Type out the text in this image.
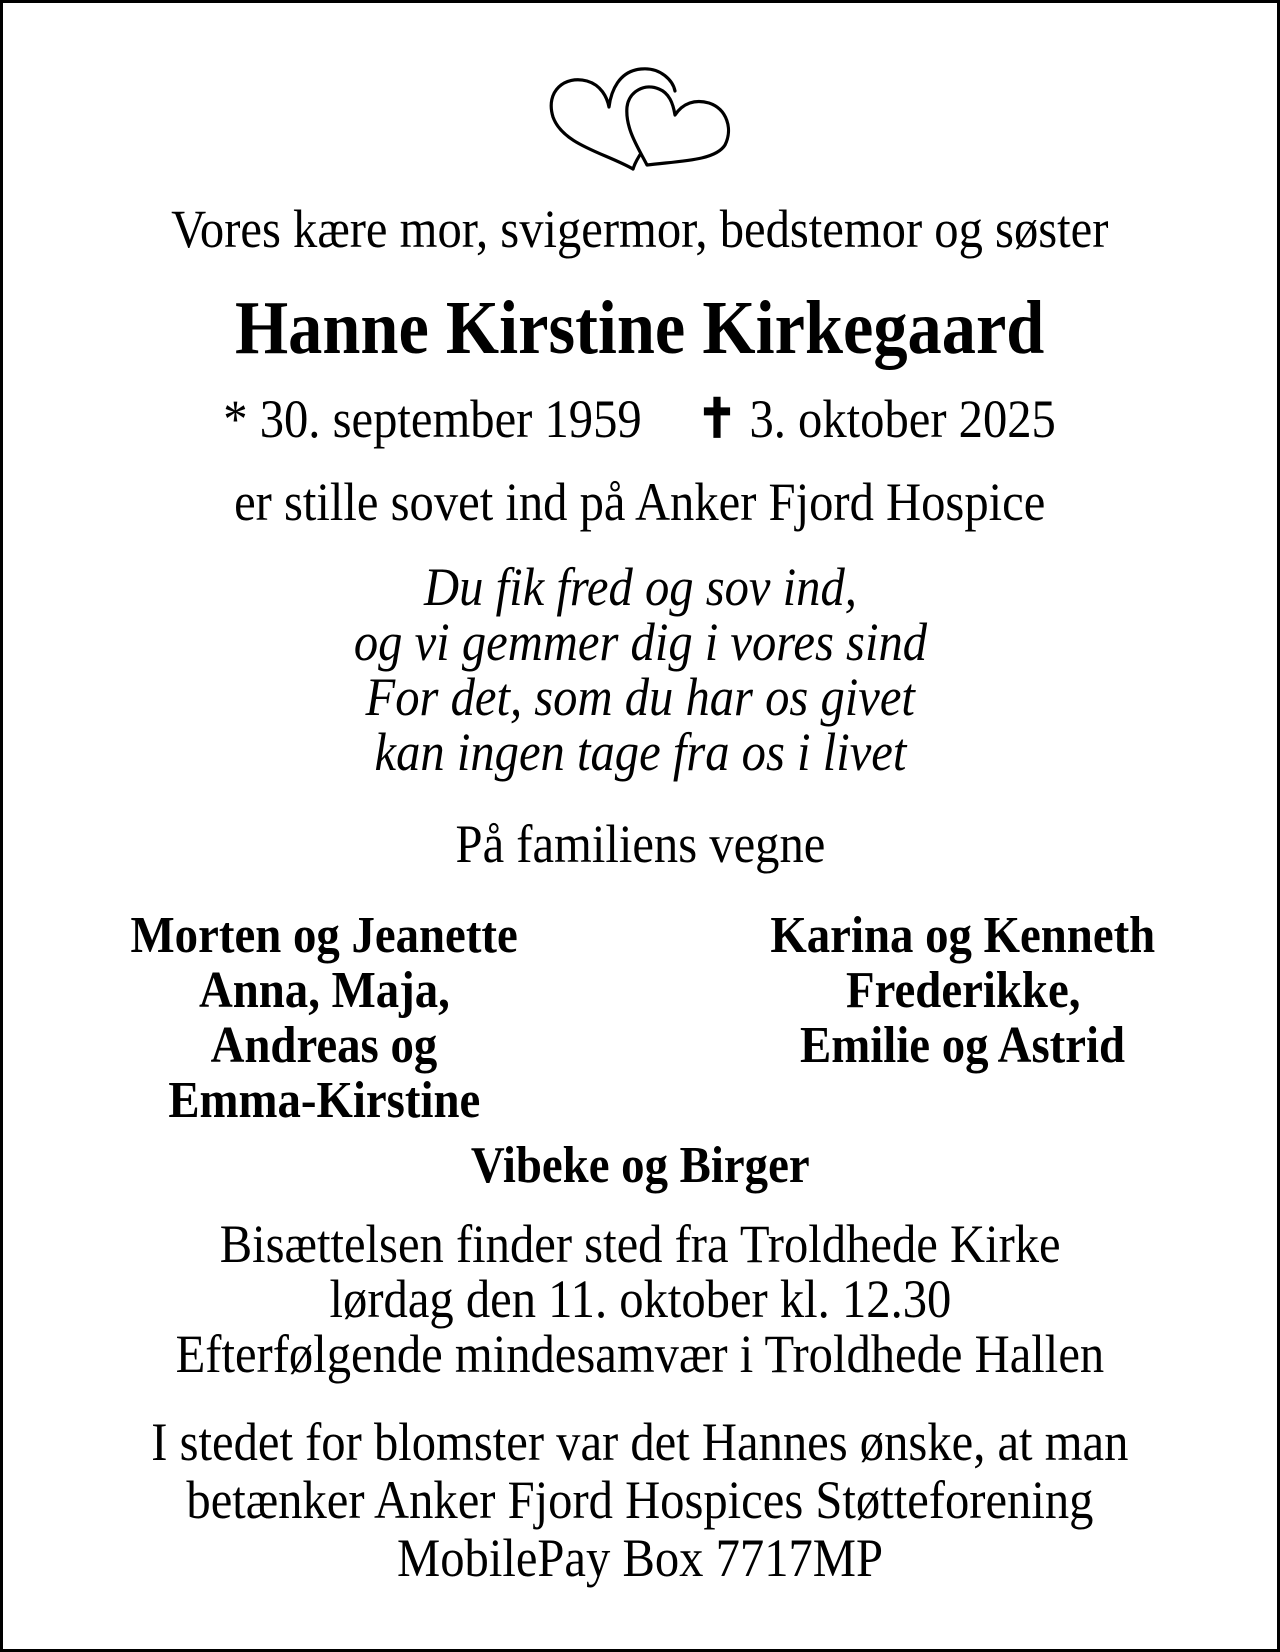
Vores kære mor, svigermor, bedstemor og søster
Hanne Kirstine Kirkegaard
* 30. september 1959 ✝ 3. oktober 2025
er stille sovet ind på Anker Fjord Hospice
Du fik fred og sov ind,
og vi gemmer dig i vores sind
For det, som du har os givet
kan ingen tage fra os i livet
På familiens vegne
Morten og Jeanette
Anna, Maja,
Andreas og
Emma-Kirstine
Karina og Kenneth
Frederikke,
Emilie og Astrid
Vibeke og Birger
Bisættelsen finder sted fra Troldhede Kirke
lørdag den 11. oktober kl. 12.30
Efterfølgende mindesamvær i Troldhede Hallen
I stedet for blomster var det Hannes ønske, at man
betænker Anker Fjord Hospices Støtteforening
MobilePay Box 7717MP
